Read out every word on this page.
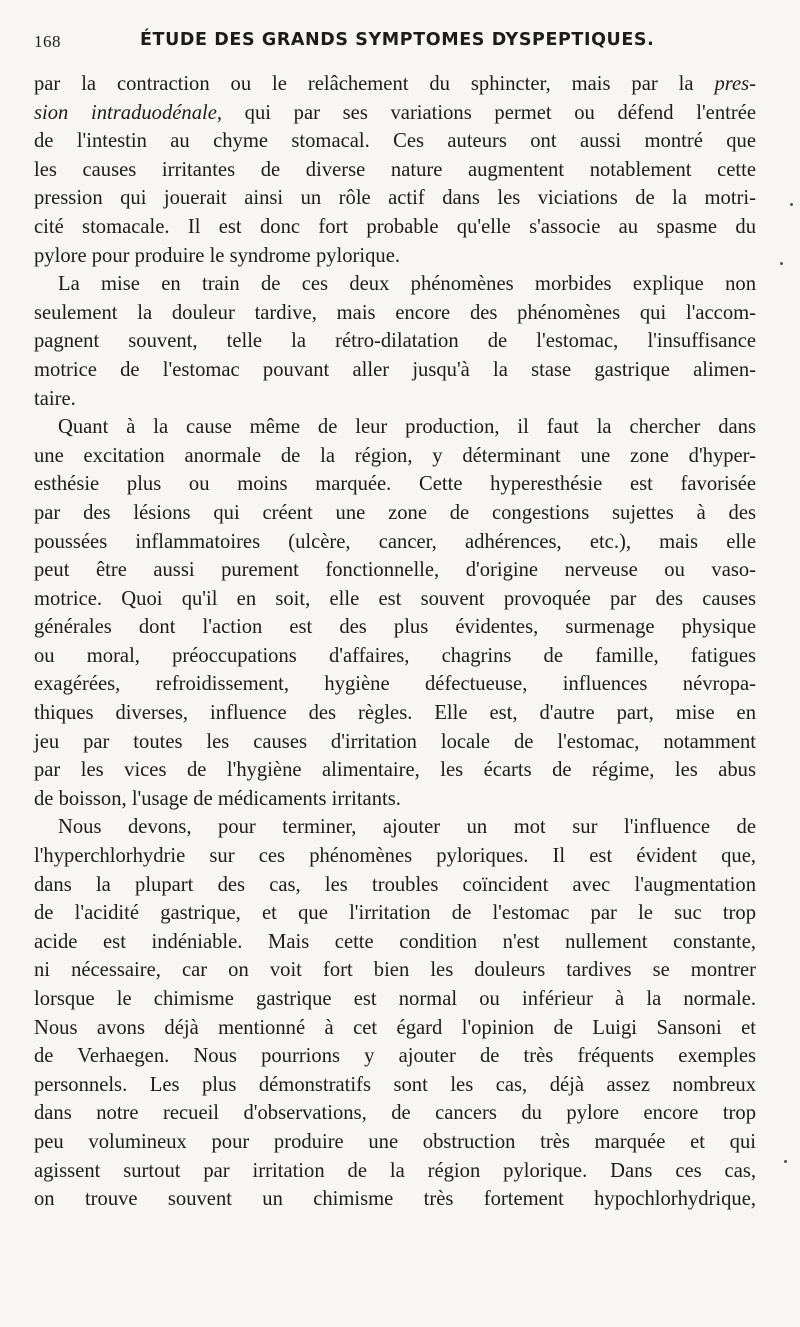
168	ÉTUDE DES GRANDS SYMPTOMES DYSPEPTIQUES.
par la contraction ou le relâchement du sphincter, mais par la pres-
sion intraduodénale, qui par ses variations permet ou défend l'entrée
de l'intestin au chyme stomacal. Ces auteurs ont aussi montré que
les causes irritantes de diverse nature augmentent notablement cette
pression qui jouerait ainsi un rôle actif dans les viciations de la motri-
cité stomacale. Il est donc fort probable qu'elle s'associe au spasme du
pylore pour produire le syndrome pylorique.
La mise en train de ces deux phénomènes morbides explique non
seulement la douleur tardive, mais encore des phénomènes qui l'accom-
pagnent souvent, telle la rétro-dilatation de l'estomac, l'insuffisance
motrice de l'estomac pouvant aller jusqu'à la stase gastrique alimen-
taire.
Quant à la cause même de leur production, il faut la chercher dans
une excitation anormale de la région, y déterminant une zone d'hyper-
esthésie plus ou moins marquée. Cette hyperesthésie est favorisée
par des lésions qui créent une zone de congestions sujettes à des
poussées inflammatoires (ulcère, cancer, adhérences, etc.), mais elle
peut être aussi purement fonctionnelle, d'origine nerveuse ou vaso-
motrice. Quoi qu'il en soit, elle est souvent provoquée par des causes
générales dont l'action est des plus évidentes, surmenage physique
ou moral, préoccupations d'affaires, chagrins de famille, fatigues
exagérées, refroidissement, hygiène défectueuse, influences névropa-
thiques diverses, influence des règles. Elle est, d'autre part, mise en
jeu par toutes les causes d'irritation locale de l'estomac, notamment
par les vices de l'hygiène alimentaire, les écarts de régime, les abus
de boisson, l'usage de médicaments irritants.
Nous devons, pour terminer, ajouter un mot sur l'influence de
l'hyperchlorhydrie sur ces phénomènes pyloriques. Il est évident que,
dans la plupart des cas, les troubles coïncident avec l'augmentation
de l'acidité gastrique, et que l'irritation de l'estomac par le suc trop
acide est indéniable. Mais cette condition n'est nullement constante,
ni nécessaire, car on voit fort bien les douleurs tardives se montrer
lorsque le chimisme gastrique est normal ou inférieur à la normale.
Nous avons déjà mentionné à cet égard l'opinion de Luigi Sansoni et
de Verhaegen. Nous pourrions y ajouter de très fréquents exemples
personnels. Les plus démonstratifs sont les cas, déjà assez nombreux
dans notre recueil d'observations, de cancers du pylore encore trop
peu volumineux pour produire une obstruction très marquée et qui
agissent surtout par irritation de la région pylorique. Dans ces cas,
on trouve souvent un chimisme très fortement hypochlorhydrique,
